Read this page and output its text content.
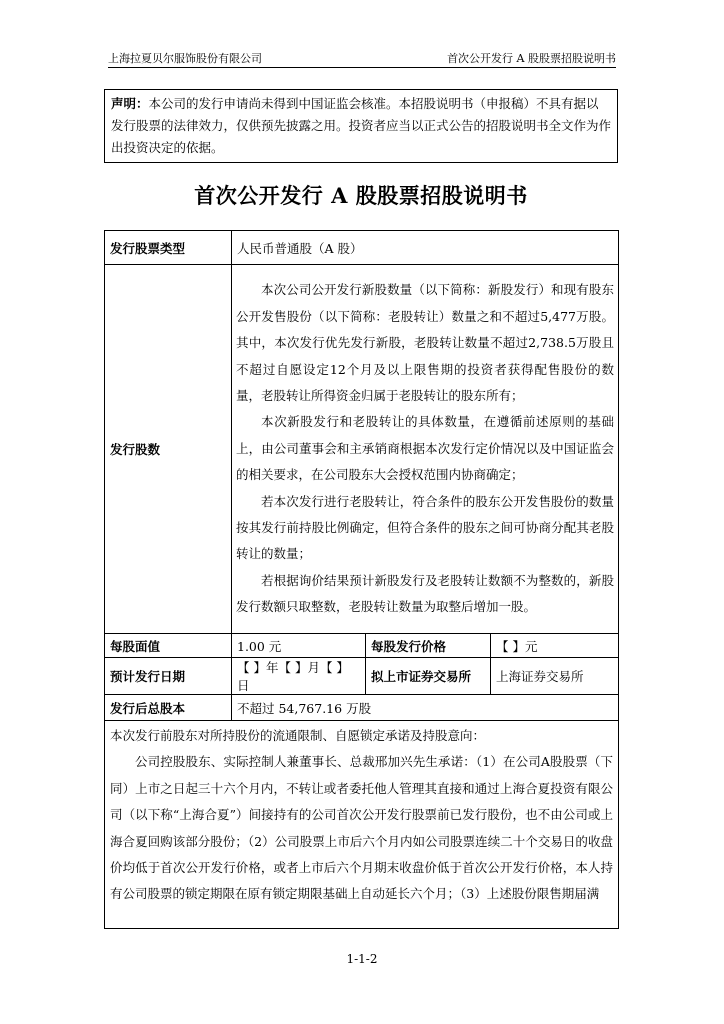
上海拉夏贝尔服饰股份有限公司	首次公开发行 A 股股票招股说明书
声明：本公司的发行申请尚未得到中国证监会核准。本招股说明书（申报稿）不具有据以发行股票的法律效力，仅供预先披露之用。投资者应当以正式公告的招股说明书全文作为作出投资决定的依据。
首次公开发行 A 股股票招股说明书
发行股票类型	人民币普通股（A 股）		
发行股数	本次公司公开发行新股数量（以下简称：新股发行）和现有股东公开发售股份（以下简称：老股转让）数量之和不超过5,477万股。其中，本次发行优先发行新股，老股转让数量不超过2,738.5万股且不超过自愿设定12个月及以上限售期的投资者获得配售股份的数量，老股转让所得资金归属于老股转让的股东所有；

本次新股发行和老股转让的具体数量，在遵循前述原则的基础上，由公司董事会和主承销商根据本次发行定价情况以及中国证监会的相关要求，在公司股东大会授权范围内协商确定；

若本次发行进行老股转让，符合条件的股东公开发售股份的数量按其发行前持股比例确定，但符合条件的股东之间可协商分配其老股转让的数量；

若根据询价结果预计新股发行及老股转让数额不为整数的，新股发行数额只取整数，老股转让数量为取整后增加一股。		

每股面值	1.00 元	每股发行价格	【 】元
预计发行日期	【 】年【 】月【 】日	拟上市证券交易所	上海证券交易所
发行后总股本	不超过 54,767.16 万股		

本次发行前股东对所持股份的流通限制、自愿锁定承诺及持股意向：

公司控股股东、实际控制人兼董事长、总裁邢加兴先生承诺：（1）在公司A股股票（下同）上市之日起三十六个月内，不转让或者委托他人管理其直接和通过上海合夏投资有限公司（以下称“上海合夏”）间接持有的公司首次公开发行股票前已发行股份，也不由公司或上海合夏回购该部分股份；（2）公司股票上市后六个月内如公司股票连续二十个交易日的收盘价均低于首次公开发行价格，或者上市后六个月期末收盘价低于首次公开发行价格，本人持有公司股票的锁定期限在原有锁定期限基础上自动延长六个月；（3）上述股份限售期届满			

1-1-2
